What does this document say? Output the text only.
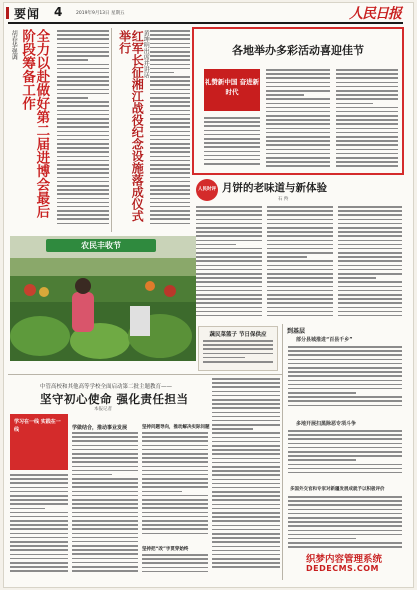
要闻 4	2019年9月13日 星期五	人民日报
胡春华强调	全力以赴做好第二届进博会最后阶段筹备工作	红军长征湘江战役纪念设施落成仪式举行	黄坤明出席并讲话	各地举办多彩活动喜迎佳节
礼赞新中国 奋进新时代
人民时评 月饼的老味道与新体验
石 羚
农民丰收节
蔬民菜篮子 节日保供应
中管高校和其他高等学校全面启动第二批主题教育——
坚守初心使命 强化责任担当
本报记者
学习在一线 实践在一线	学做结合，推动事业发展	坚持问题导向，推动解决实际问题
坚持把“改”字贯穿始终
到基层
部分县城推进“百县千乡”
多地开展扫黑除恶专项斗争
多国外交官和专家对新疆发展成就予以积极评价
织梦内容管理系统
DEDECMS.COM
